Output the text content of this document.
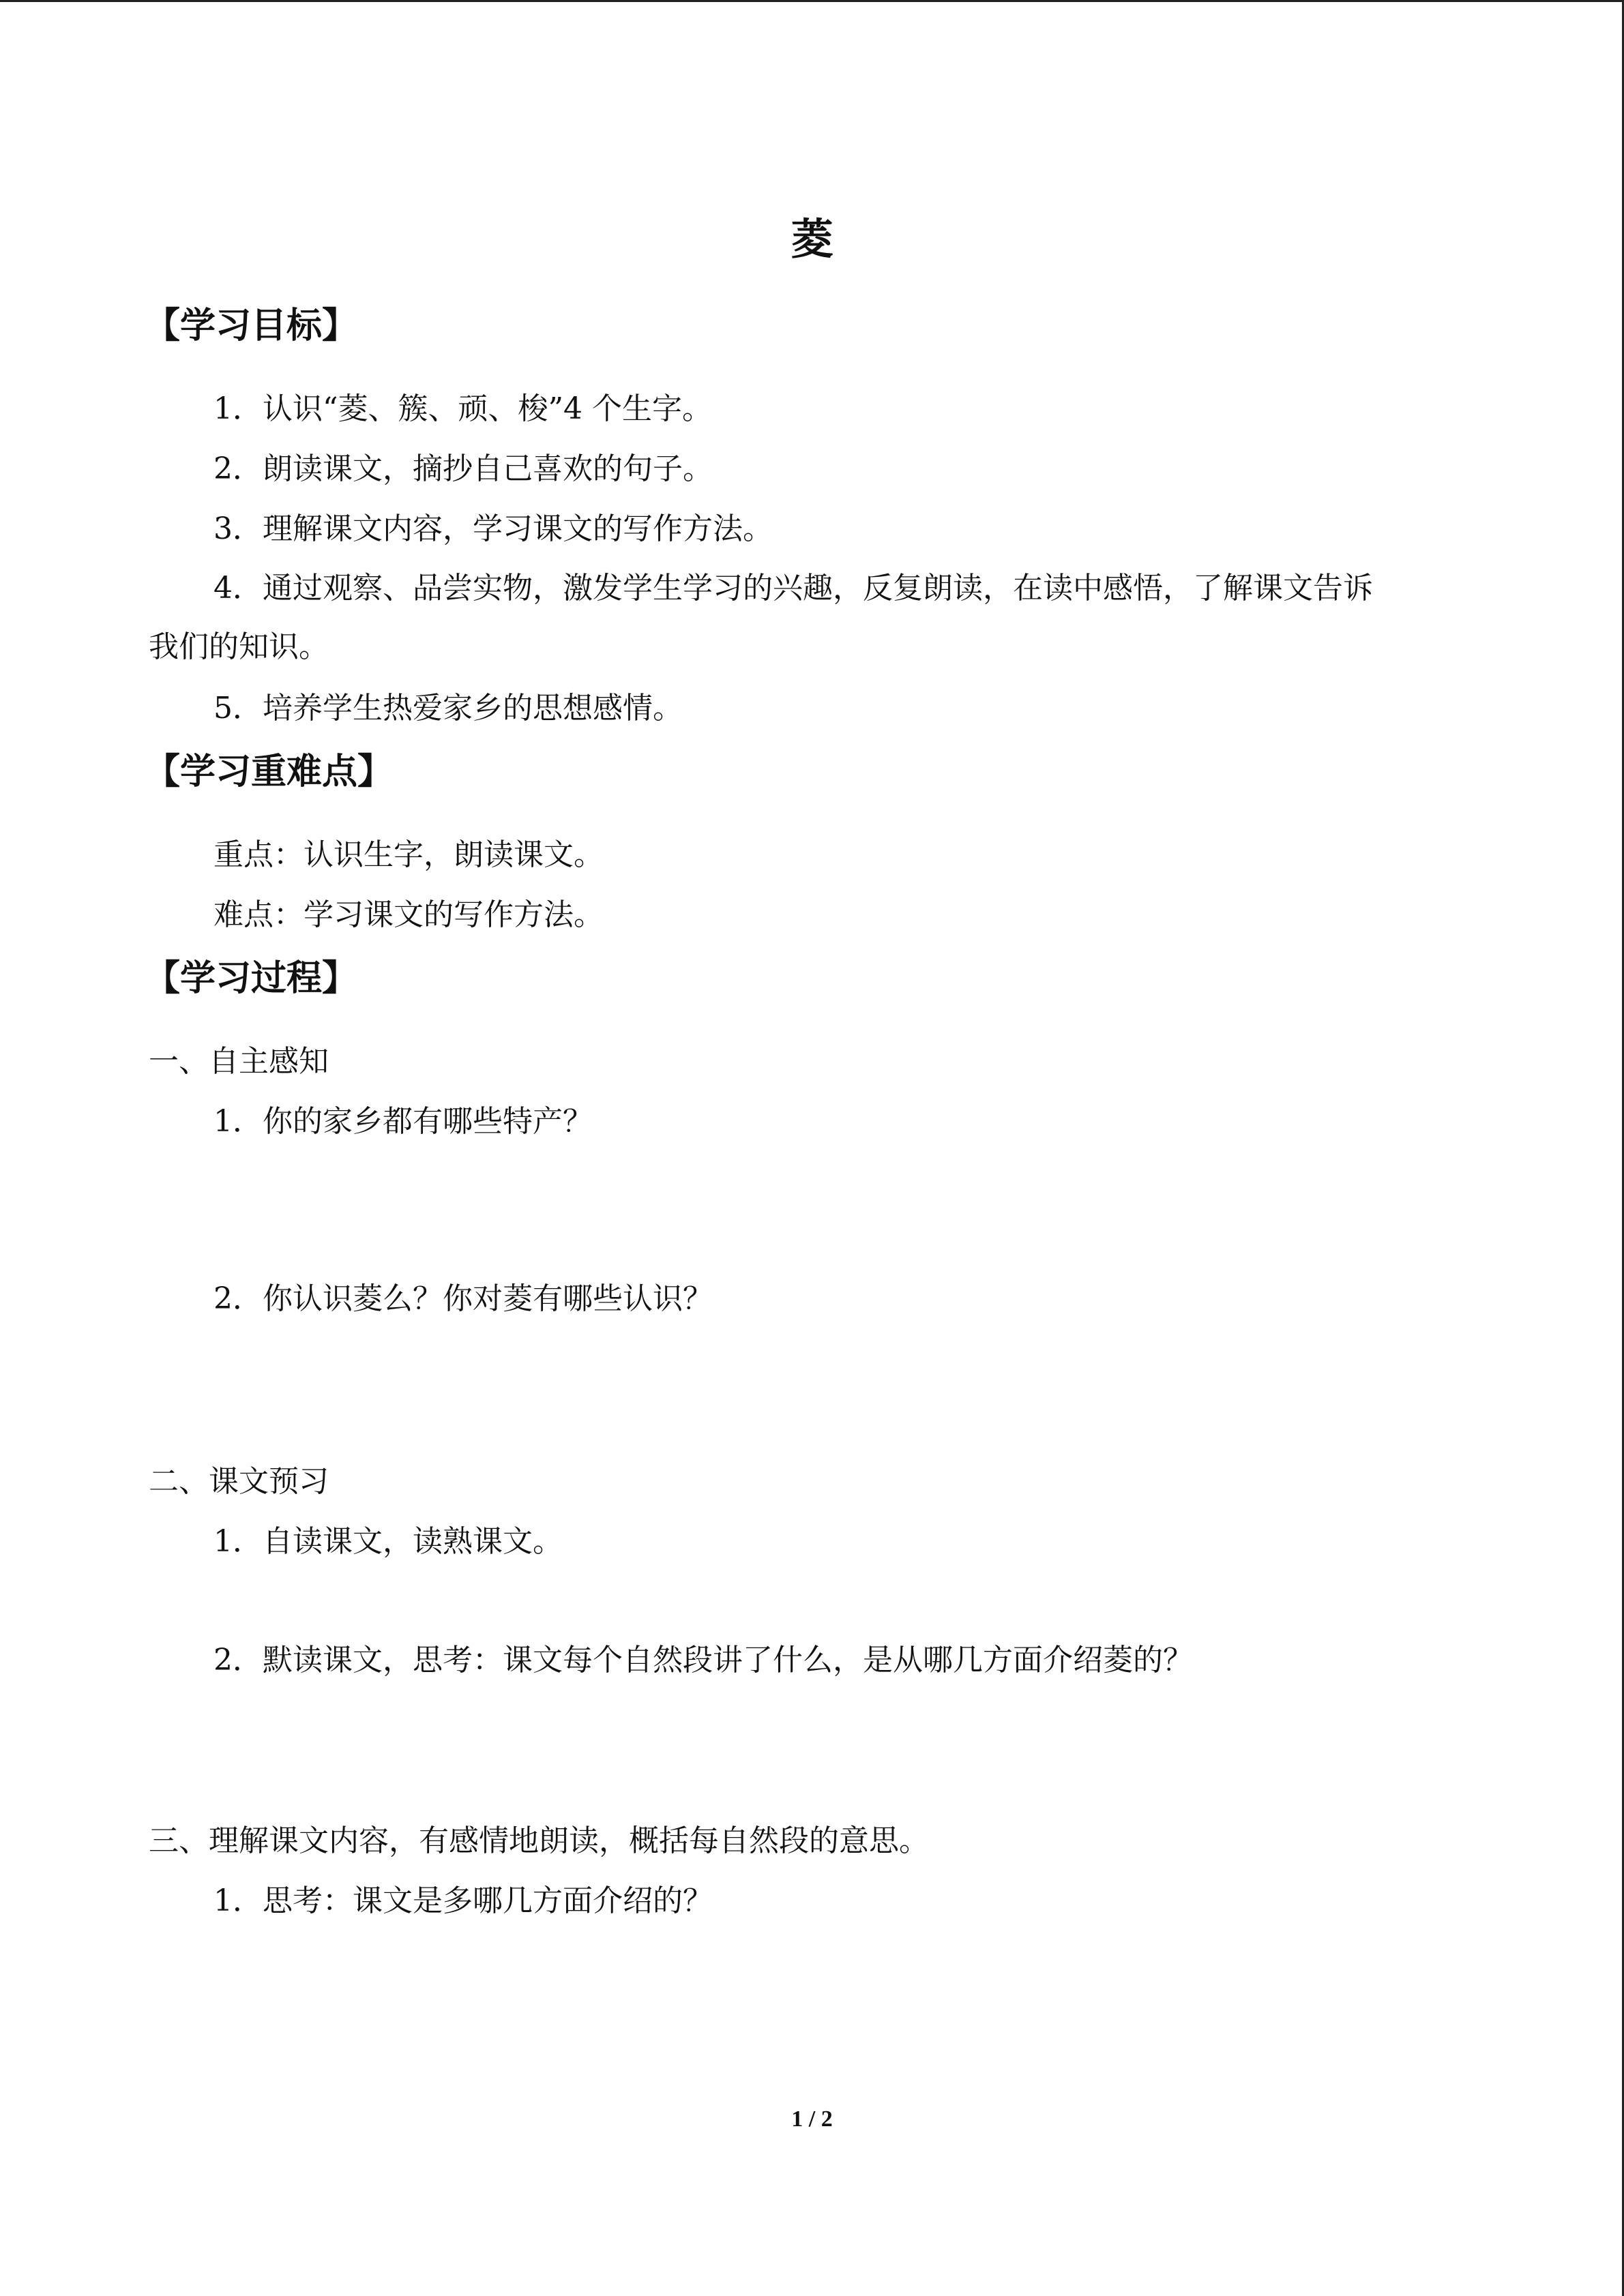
菱
【学习目标】
1．认识“菱、簇、顽、梭”4 个生字。
2．朗读课文，摘抄自己喜欢的句子。
3．理解课文内容，学习课文的写作方法。
4．通过观察、品尝实物，激发学生学习的兴趣，反复朗读，在读中感悟，了解课文告诉
我们的知识。
5．培养学生热爱家乡的思想感情。
【学习重难点】
重点：认识生字，朗读课文。
难点：学习课文的写作方法。
【学习过程】
一、自主感知
1．你的家乡都有哪些特产？
2．你认识菱么？你对菱有哪些认识？
二、课文预习
1．自读课文，读熟课文。
2．默读课文，思考：课文每个自然段讲了什么，是从哪几方面介绍菱的？
三、理解课文内容，有感情地朗读，概括每自然段的意思。
1．思考：课文是多哪几方面介绍的？
1 / 2
